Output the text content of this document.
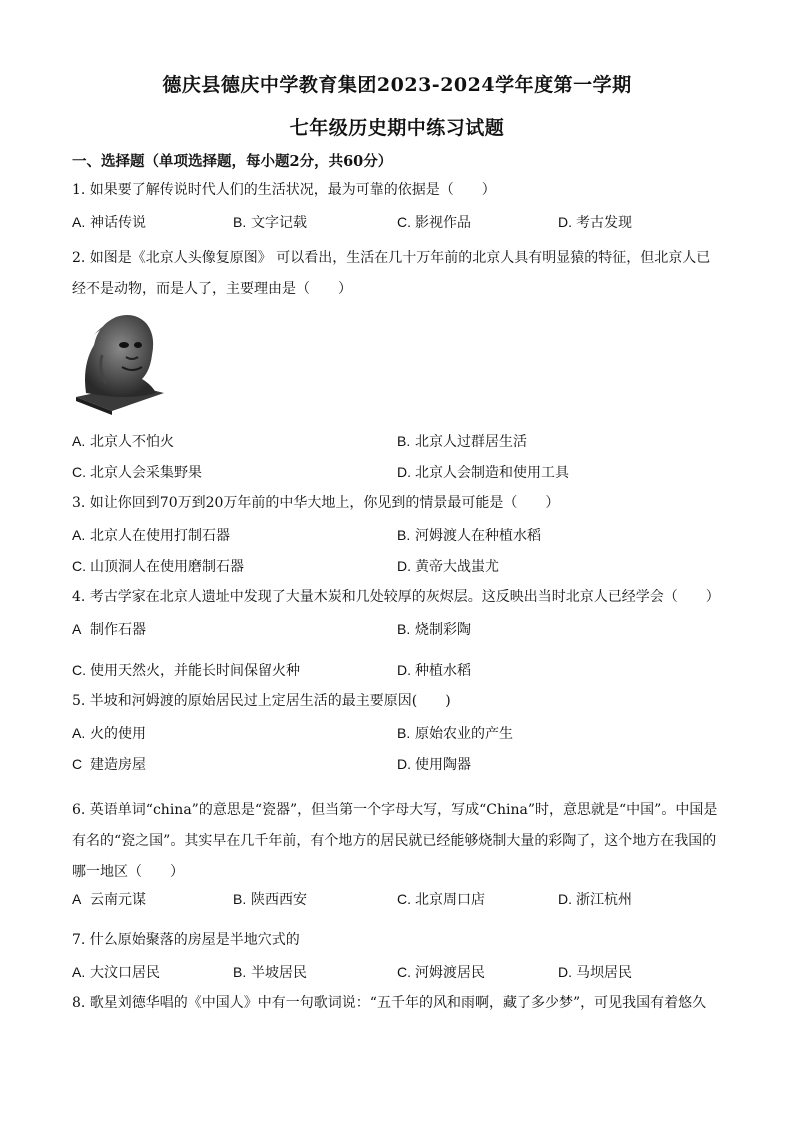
德庆县德庆中学教育集团2023-2024学年度第一学期
七年级历史期中练习试题
一、选择题（单项选择题，每小题2分，共60分）
1. 如果要了解传说时代人们的生活状况，最为可靠的依据是（　　）
A. 神话传说	B. 文字记载	C. 影视作品	D. 考古发现
2. 如图是《北京人头像复原图》 可以看出，生活在几十万年前的北京人具有明显猿的特征，但北京人已经不是动物，而是人了，主要理由是（　　）
A. 北京人不怕火	B. 北京人过群居生活
C. 北京人会采集野果	D. 北京人会制造和使用工具
3. 如让你回到70万到20万年前的中华大地上，你见到的情景最可能是（　　）
A. 北京人在使用打制石器	B. 河姆渡人在种植水稻
C. 山顶洞人在使用磨制石器	D. 黄帝大战蚩尤
4. 考古学家在北京人遗址中发现了大量木炭和几处较厚的灰烬层。这反映出当时北京人已经学会（　　）
A 制作石器	B. 烧制彩陶
C. 使用天然火，并能长时间保留火种	D. 种植水稻
5. 半坡和河姆渡的原始居民过上定居生活的最主要原因(　　)
A. 火的使用	B. 原始农业的产生
C 建造房屋	D. 使用陶器
6. 英语单词“china”的意思是“瓷器”，但当第一个字母大写，写成“China”时，意思就是“中国”。中国是有名的“瓷之国”。其实早在几千年前，有个地方的居民就已经能够烧制大量的彩陶了，这个地方在我国的哪一地区（　　）
A 云南元谋	B. 陕西西安	C. 北京周口店	D. 浙江杭州
7. 什么原始聚落的房屋是半地穴式的
A. 大汶口居民	B. 半坡居民	C. 河姆渡居民	D. 马坝居民
8. 歌星刘德华唱的《中国人》中有一句歌词说：“五千年的风和雨啊，藏了多少梦”，可见我国有着悠久
